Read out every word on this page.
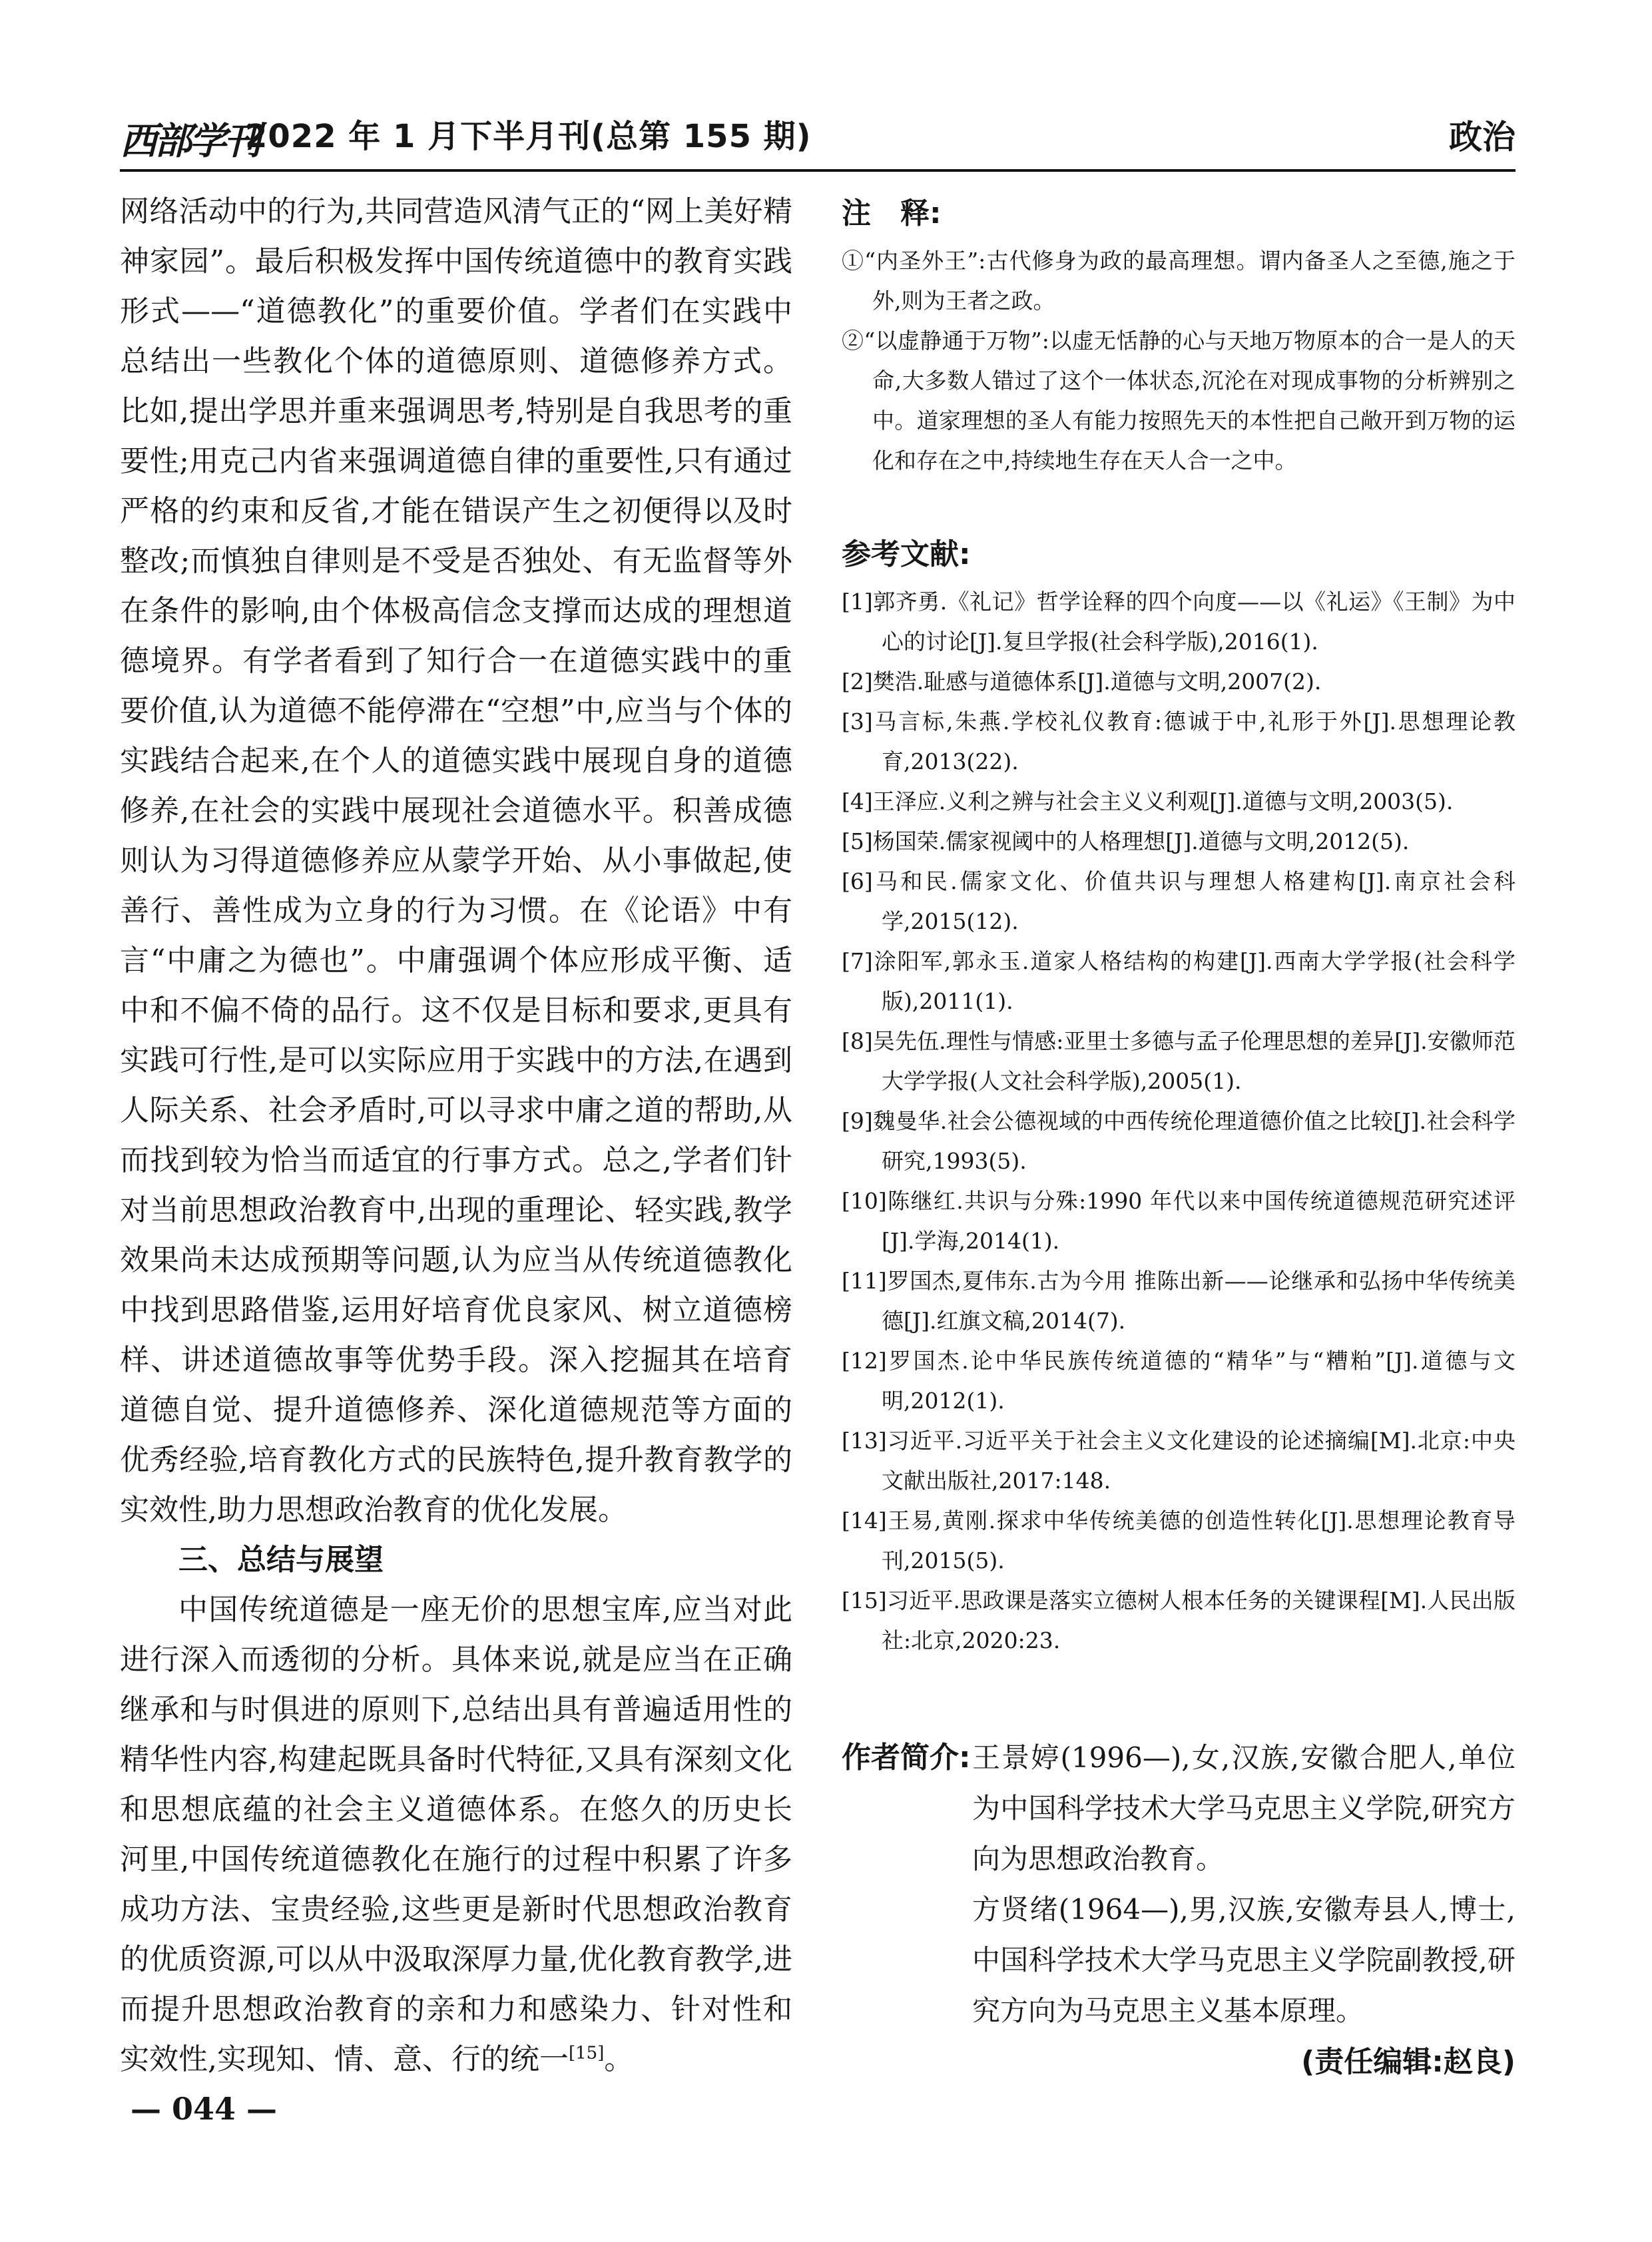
西部学刊
2022 年 1 月下半月刊(总第 155 期)	政治

网络活动中的行为,共同营造风清气正的“网上美好精神家园”。最后积极发挥中国传统道德中的教育实践形式——“道德教化”的重要价值。学者们在实践中总结出一些教化个体的道德原则、道德修养方式。比如,提出学思并重来强调思考,特别是自我思考的重要性;用克己内省来强调道德自律的重要性,只有通过严格的约束和反省,才能在错误产生之初便得以及时整改;而慎独自律则是不受是否独处、有无监督等外在条件的影响,由个体极高信念支撑而达成的理想道德境界。有学者看到了知行合一在道德实践中的重要价值,认为道德不能停滞在“空想”中,应当与个体的实践结合起来,在个人的道德实践中展现自身的道德修养,在社会的实践中展现社会道德水平。积善成德则认为习得道德修养应从蒙学开始、从小事做起,使善行、善性成为立身的行为习惯。在《论语》中有言“中庸之为德也”。中庸强调个体应形成平衡、适中和不偏不倚的品行。这不仅是目标和要求,更具有实践可行性,是可以实际应用于实践中的方法,在遇到人际关系、社会矛盾时,可以寻求中庸之道的帮助,从而找到较为恰当而适宜的行事方式。总之,学者们针对当前思想政治教育中,出现的重理论、轻实践,教学效果尚未达成预期等问题,认为应当从传统道德教化中找到思路借鉴,运用好培育优良家风、树立道德榜样、讲述道德故事等优势手段。深入挖掘其在培育道德自觉、提升道德修养、深化道德规范等方面的优秀经验,培育教化方式的民族特色,提升教育教学的实效性,助力思想政治教育的优化发展。

三、总结与展望

中国传统道德是一座无价的思想宝库,应当对此进行深入而透彻的分析。具体来说,就是应当在正确继承和与时俱进的原则下,总结出具有普遍适用性的精华性内容,构建起既具备时代特征,又具有深刻文化和思想底蕴的社会主义道德体系。在悠久的历史长河里,中国传统道德教化在施行的过程中积累了许多成功方法、宝贵经验,这些更是新时代思想政治教育的优质资源,可以从中汲取深厚力量,优化教育教学,进而提升思想政治教育的亲和力和感染力、针对性和实效性,实现知、情、意、行的统一[15]。

注　释:

①“内圣外王”:古代修身为政的最高理想。谓内备圣人之至德,施之于外,则为王者之政。

②“以虚静通于万物”:以虚无恬静的心与天地万物原本的合一是人的天命,大多数人错过了这个一体状态,沉沦在对现成事物的分析辨别之中。道家理想的圣人有能力按照先天的本性把自己敞开到万物的运化和存在之中,持续地生存在天人合一之中。

参考文献:

[1]郭齐勇.《礼记》哲学诠释的四个向度——以《礼运》《王制》为中心的讨论[J].复旦学报(社会科学版),2016(1).

[2]樊浩.耻感与道德体系[J].道德与文明,2007(2).

[3]马言标,朱燕.学校礼仪教育:德诚于中,礼形于外[J].思想理论教育,2013(22).

[4]王泽应.义利之辨与社会主义义利观[J].道德与文明,2003(5).

[5]杨国荣.儒家视阈中的人格理想[J].道德与文明,2012(5).

[6]马和民.儒家文化、价值共识与理想人格建构[J].南京社会科学,2015(12).

[7]涂阳军,郭永玉.道家人格结构的构建[J].西南大学学报(社会科学版),2011(1).

[8]吴先伍.理性与情感:亚里士多德与孟子伦理思想的差异[J].安徽师范大学学报(人文社会科学版),2005(1).

[9]魏曼华.社会公德视域的中西传统伦理道德价值之比较[J].社会科学研究,1993(5).

[10]陈继红.共识与分殊:1990 年代以来中国传统道德规范研究述评[J].学海,2014(1).

[11]罗国杰,夏伟东.古为今用 推陈出新——论继承和弘扬中华传统美德[J].红旗文稿,2014(7).

[12]罗国杰.论中华民族传统道德的“精华”与“糟粕”[J].道德与文明,2012(1).

[13]习近平.习近平关于社会主义文化建设的论述摘编[M].北京:中央文献出版社,2017:148.

[14]王易,黄刚.探求中华传统美德的创造性转化[J].思想理论教育导刊,2015(5).

[15]习近平.思政课是落实立德树人根本任务的关键课程[M].人民出版社:北京,2020:23.

作者简介: 王景婷(1996—),女,汉族,安徽合肥人,单位为中国科学技术大学马克思主义学院,研究方向为思想政治教育。

方贤绪(1964—),男,汉族,安徽寿县人,博士,中国科学技术大学马克思主义学院副教授,研究方向为马克思主义基本原理。

(责任编辑:赵良)
— 044 —
